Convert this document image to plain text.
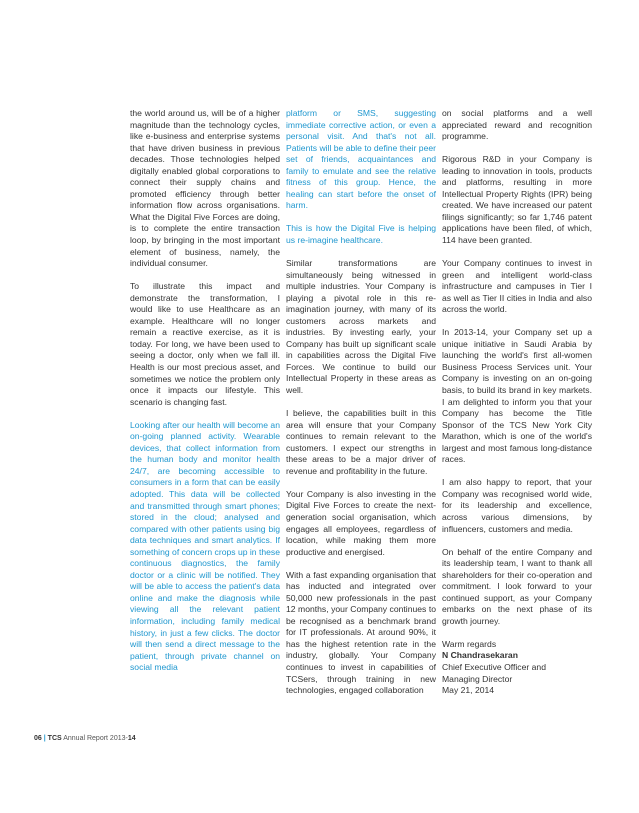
the world around us, will be of a higher magnitude than the technology cycles, like e-business and enterprise systems that have driven business in previous decades. Those technologies helped digitally enabled global corporations to connect their supply chains and promoted efficiency through better information flow across organisations. What the Digital Five Forces are doing, is to complete the entire transaction loop, by bringing in the most important element of business, namely, the individual consumer.

To illustrate this impact and demonstrate the transformation, I would like to use Healthcare as an example. Healthcare will no longer remain a reactive exercise, as it is today. For long, we have been used to seeing a doctor, only when we fall ill. Health is our most precious asset, and sometimes we notice the problem only once it impacts our lifestyle. This scenario is changing fast.

Looking after our health will become an on-going planned activity. Wearable devices, that collect information from the human body and monitor health 24/7, are becoming accessible to consumers in a form that can be easily adopted. This data will be collected and transmitted through smart phones; stored in the cloud; analysed and compared with other patients using big data techniques and smart analytics. If something of concern crops up in these continuous diagnostics, the family doctor or a clinic will be notified. They will be able to access the patient's data online and make the diagnosis while viewing all the relevant patient information, including family medical history, in just a few clicks. The doctor will then send a direct message to the patient, through private channel on social media

platform or SMS, suggesting immediate corrective action, or even a personal visit. And that's not all. Patients will be able to define their peer set of friends, acquaintances and family to emulate and see the relative fitness of this group. Hence, the healing can start before the onset of harm.

This is how the Digital Five is helping us re-imagine healthcare.

Similar transformations are simultaneously being witnessed in multiple industries. Your Company is playing a pivotal role in this re-imagination journey, with many of its customers across markets and industries. By investing early, your Company has built up significant scale in capabilities across the Digital Five Forces. We continue to build our Intellectual Property in these areas as well.

I believe, the capabilities built in this area will ensure that your Company continues to remain relevant to the customers. I expect our strengths in these areas to be a major driver of revenue and profitability in the future.

Your Company is also investing in the Digital Five Forces to create the next-generation social organisation, which engages all employees, regardless of location, while making them more productive and energised.

With a fast expanding organisation that has inducted and integrated over 50,000 new professionals in the past 12 months, your Company continues to be recognised as a benchmark brand for IT professionals. At around 90%, it has the highest retention rate in the industry, globally. Your Company continues to invest in capabilities of TCSers, through training in new technologies, engaged collaboration

on social platforms and a well appreciated reward and recognition programme.

Rigorous R&D in your Company is leading to innovation in tools, products and platforms, resulting in more Intellectual Property Rights (IPR) being created. We have increased our patent filings significantly; so far 1,746 patent applications have been filed, of which, 114 have been granted.

Your Company continues to invest in green and intelligent world-class infrastructure and campuses in Tier I as well as Tier II cities in India and also across the world.

In 2013-14, your Company set up a unique initiative in Saudi Arabia by launching the world's first all-women Business Process Services unit. Your Company is investing on an on-going basis, to build its brand in key markets. I am delighted to inform you that your Company has become the Title Sponsor of the TCS New York City Marathon, which is one of the world's largest and most famous long-distance races.

I am also happy to report, that your Company was recognised world wide, for its leadership and excellence, across various dimensions, by influencers, customers and media.

On behalf of the entire Company and its leadership team, I want to thank all shareholders for their co-operation and commitment. I look forward to your continued support, as your Company embarks on the next phase of its growth journey.

Warm regards
N Chandrasekaran
Chief Executive Officer and
Managing Director
May 21, 2014
06 | TCS Annual Report 2013-14
